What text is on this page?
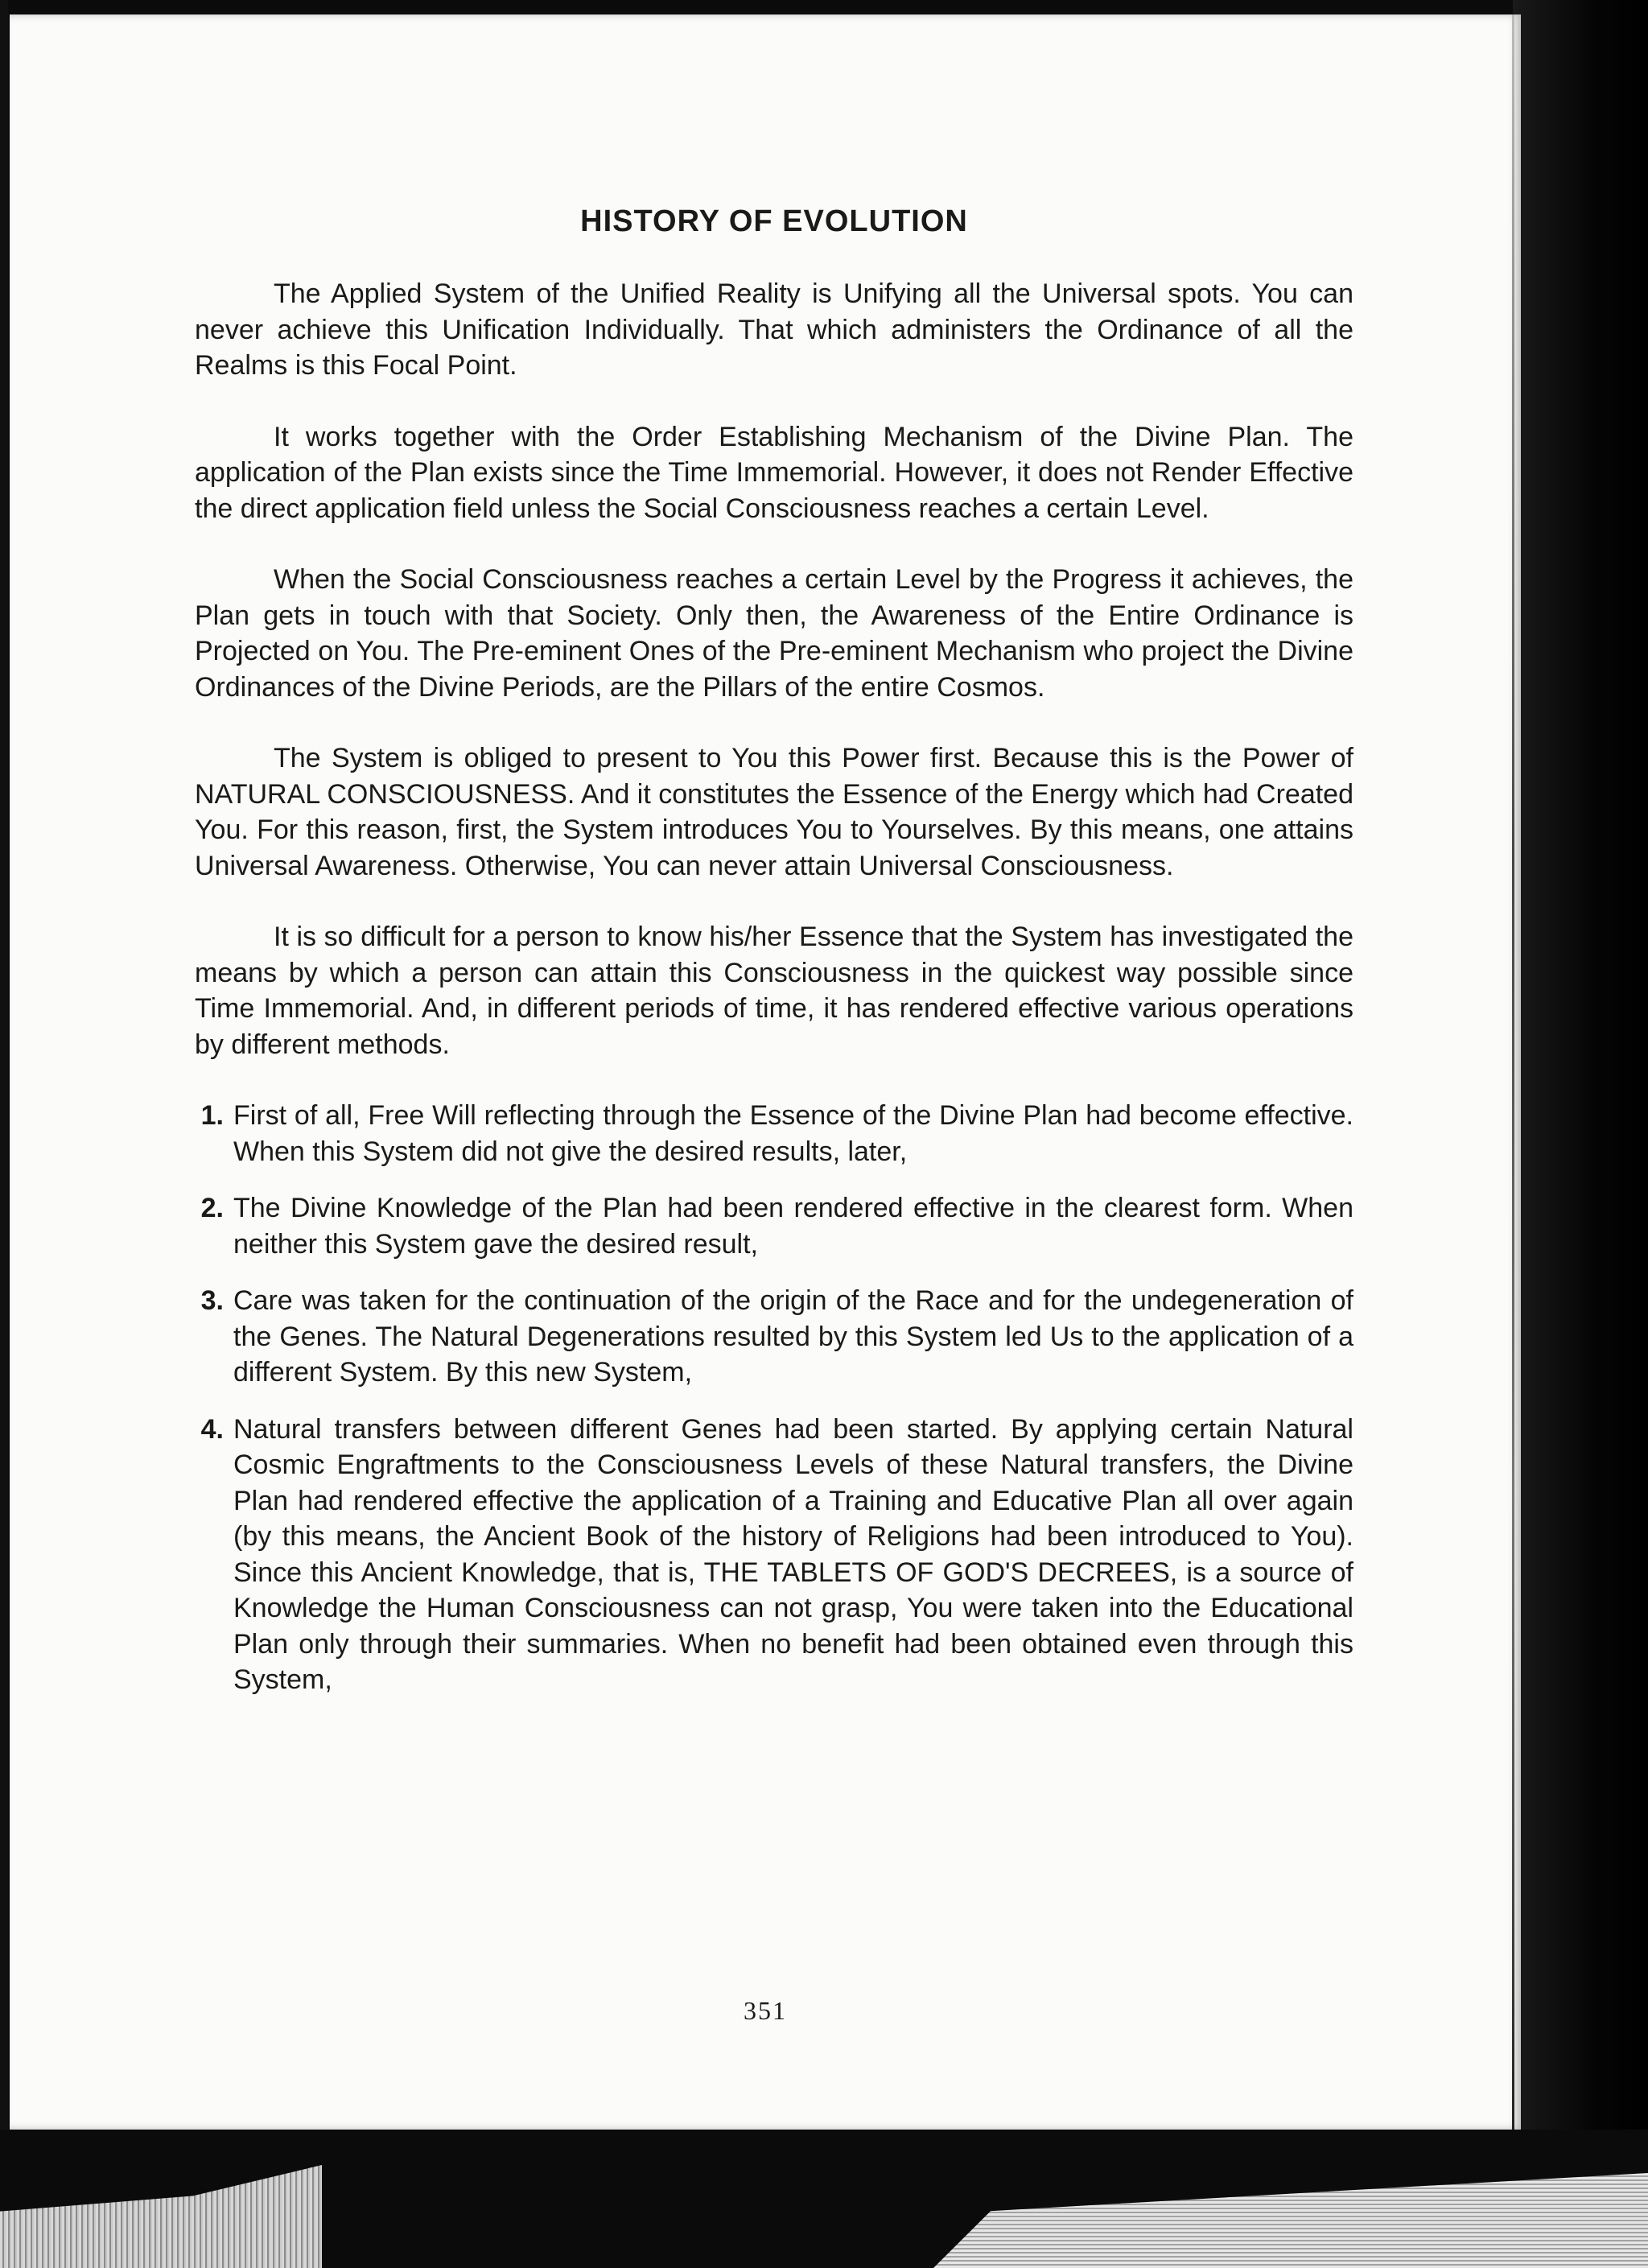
HISTORY OF EVOLUTION

The Applied System of the Unified Reality is Unifying all the Universal spots. You can never achieve this Unification Individually. That which administers the Ordinance of all the Realms is this Focal Point.

It works together with the Order Establishing Mechanism of the Divine Plan. The application of the Plan exists since the Time Immemorial. However, it does not Render Effective the direct application field unless the Social Consciousness reaches a certain Level.

When the Social Consciousness reaches a certain Level by the Progress it achieves, the Plan gets in touch with that Society. Only then, the Awareness of the Entire Ordinance is Projected on You. The Pre-eminent Ones of the Pre-eminent Mechanism who project the Divine Ordinances of the Divine Periods, are the Pillars of the entire Cosmos.

The System is obliged to present to You this Power first. Because this is the Power of NATURAL CONSCIOUSNESS. And it constitutes the Essence of the Energy which had Created You. For this reason, first, the System introduces You to Yourselves. By this means, one attains Universal Awareness. Otherwise, You can never attain Universal Consciousness.

It is so difficult for a person to know his/her Essence that the System has investigated the means by which a person can attain this Consciousness in the quickest way possible since Time Immemorial. And, in different periods of time, it has rendered effective various operations by different methods.

1. First of all, Free Will reflecting through the Essence of the Divine Plan had become effective. When this System did not give the desired results, later,
2. The Divine Knowledge of the Plan had been rendered effective in the clearest form. When neither this System gave the desired result,
3. Care was taken for the continuation of the origin of the Race and for the undegeneration of the Genes. The Natural Degenerations resulted by this System led Us to the application of a different System. By this new System,
4. Natural transfers between different Genes had been started. By applying certain Natural Cosmic Engraftments to the Consciousness Levels of these Natural transfers, the Divine Plan had rendered effective the application of a Training and Educative Plan all over again (by this means, the Ancient Book of the history of Religions had been introduced to You). Since this Ancient Knowledge, that is, THE TABLETS OF GOD'S DECREES, is a source of Knowledge the Human Consciousness can not grasp, You were taken into the Educational Plan only through their summaries. When no benefit had been obtained even through this System,
351
